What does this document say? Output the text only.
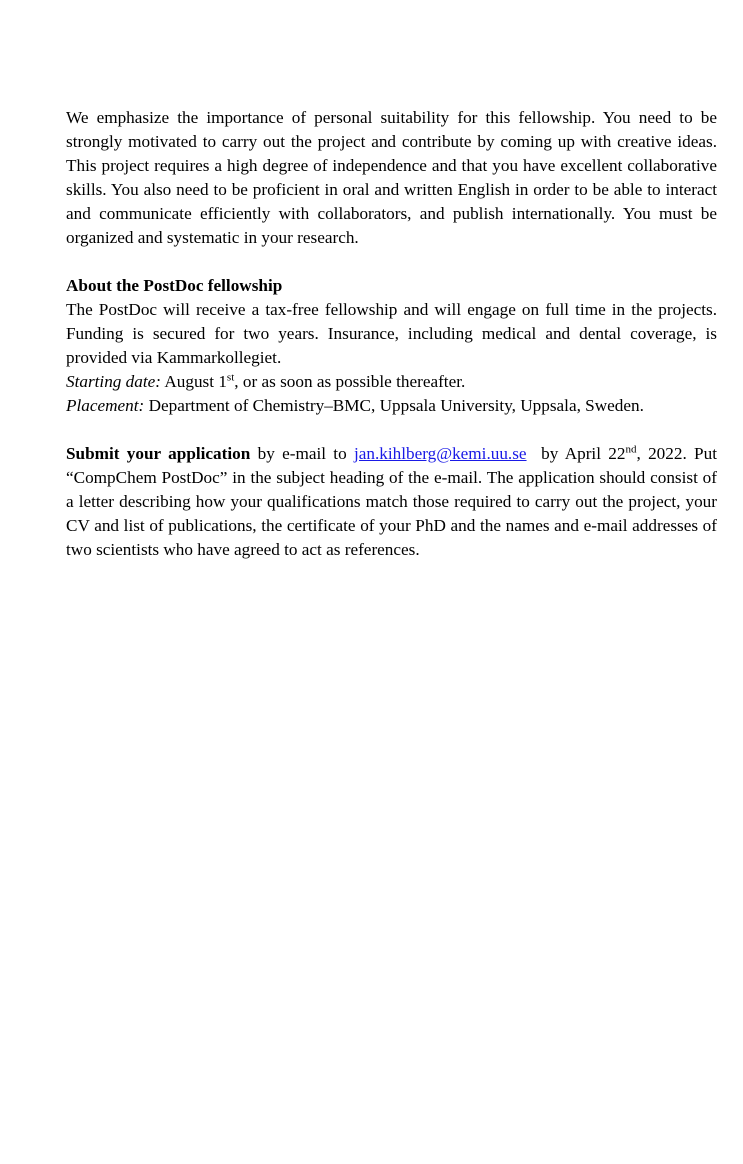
We emphasize the importance of personal suitability for this fellowship. You need to be strongly motivated to carry out the project and contribute by coming up with creative ideas. This project requires a high degree of independence and that you have excellent collaborative skills. You also need to be proficient in oral and written English in order to be able to interact and communicate efficiently with collaborators, and publish internationally. You must be organized and systematic in your research.

About the PostDoc fellowship

The PostDoc will receive a tax-free fellowship and will engage on full time in the projects. Funding is secured for two years. Insurance, including medical and dental coverage, is provided via Kammarkollegiet.

Starting date: August 1st, or as soon as possible thereafter.

Placement: Department of Chemistry–BMC, Uppsala University, Uppsala, Sweden.

Submit your application by e-mail to jan.kihlberg@kemi.uu.se  by April 22nd, 2022. Put “CompChem PostDoc” in the subject heading of the e-mail. The application should consist of a letter describing how your qualifications match those required to carry out the project, your CV and list of publications, the certificate of your PhD and the names and e-mail addresses of two scientists who have agreed to act as references.
